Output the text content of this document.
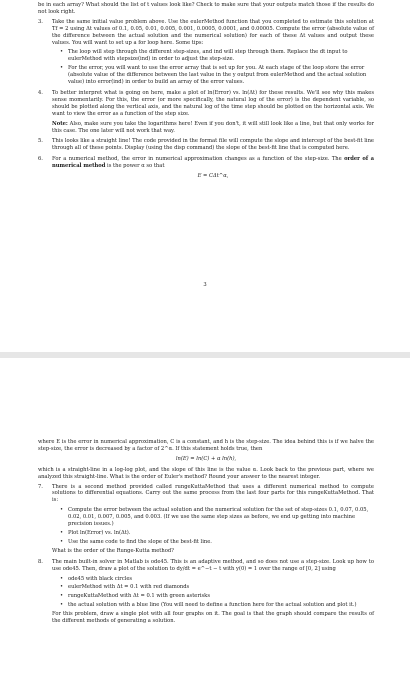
be in each array? What should the list of t values look like? Check to make sure that your outputs match those if the results do not look right.

3. Take the same initial value problem above. Use the eulerMethod function that you completed to estimate this solution at Tf = 2 using Δt values of 0.1, 0.05, 0.01, 0.005, 0.001, 0.0005, 0.0001, and 0.00005. Compute the error (absolute value of the difference between the actual solution and the numerical solution) for each of these Δt values and output these values. You will want to set up a for loop here. Some tips:

• The loop will step through the different step-sizes, and ind will step through them. Replace the dt input to eulerMethod with stepsize(ind) in order to adjust the step-size.
• For the error, you will want to use the error array that is set up for you. At each stage of the loop store the error (absolute value of the difference between the last value in the y output from eulerMethod and the actual solution value) into error(ind) in order to build an array of the error values.
4. To better interpret what is going on here, make a plot of ln(Error) vs. ln(Δt) for these results. We'll see why this makes sense momentarily. For this, the error (or more specifically, the natural log of the error) is the dependent variable, so should be plotted along the vertical axis, and the natural log of the time step should be plotted on the horizontal axis. We want to view the error as a function of the step size.

Note: Also, make sure you take the logarithms here! Even if you don't, it will still look like a line, but that only works for this case. The one later will not work that way.

5. This looks like a straight line! The code provided in the format file will compute the slope and intercept of the best-fit line through all of these points. Display (using the disp command) the slope of the best-fit line that is computed here.

6. For a numerical method, the error in numerical approximation changes as a function of the step-size. The order of a numerical method is the power α so that

E = CΔt^α,
3

where E is the error in numerical approximation, C is a constant, and h is the step-size. The idea behind this is if we halve the step-size, the error is decreased by a factor of 2^α. If this statement holds true, then

ln(E) = ln(C) + α ln(h),

which is a straight-line in a log-log plot, and the slope of this line is the value α. Look back to the previous part, where we analyzed this straight-line. What is the order of Euler's method? Round your answer to the nearest integer.

7. There is a second method provided called rungeKuttaMethod that uses a different numerical method to compute solutions to differential equations. Carry out the same process from the last four parts for this rungeKuttaMethod. That is:

• Compute the error between the actual solution and the numerical solution for the set of step-sizes 0.1, 0.07, 0.05, 0.02, 0.01, 0.007, 0.005, and 0.003. (If we use the same step sizes as before, we end up getting into machine precision issues.)
• Plot ln(Error) vs. ln(Δt).
• Use the same code to find the slope of the best-fit line.

What is the order of the Runge-Kutta method?

8. The main built-in solver in Matlab is ode45. This is an adaptive method, and so does not use a step-size. Look up how to use ode45. Then, draw a plot of the solution to dy/dt = e^−t − t with y(0) = 1 over the range of [0, 2] using

• ode45 with black circles
• eulerMethod with Δt = 0.1 with red diamonds
• rungeKuttaMethod with Δt = 0.1 with green asterisks
• the actual solution with a blue line (You will need to define a function here for the actual solution and plot it.)

For this problem, draw a single plot with all four graphs on it. The goal is that the graph should compare the results of the different methods of generating a solution.
